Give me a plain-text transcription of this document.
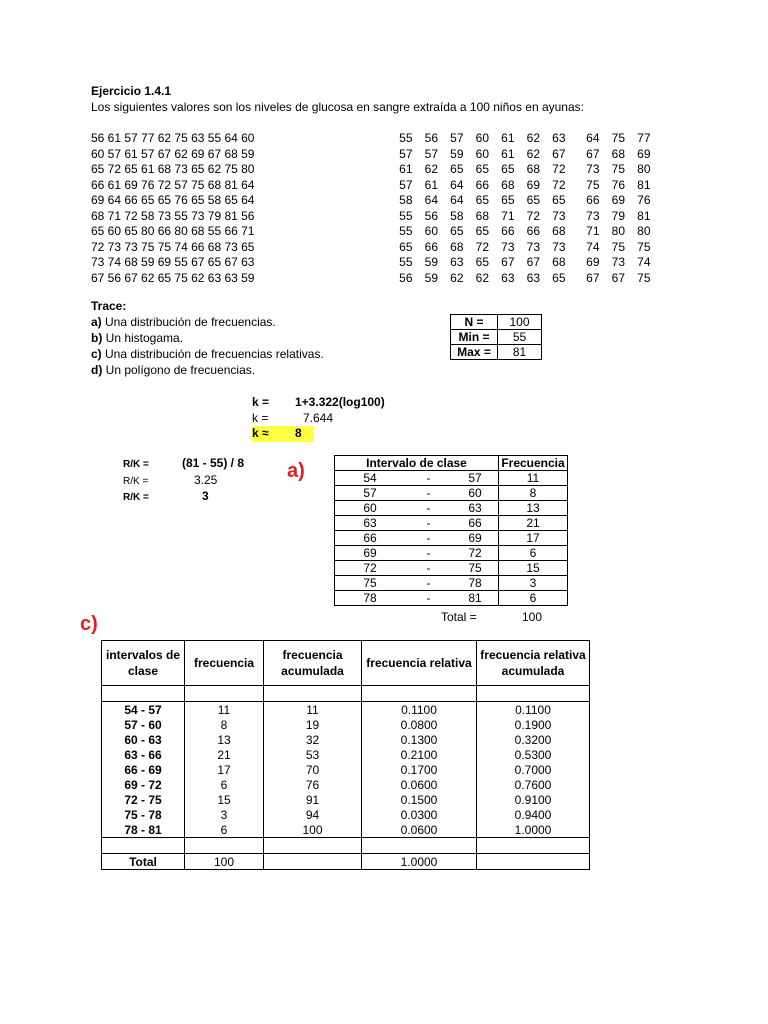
Ejercicio 1.4.1
Los siguientes valores son los niveles de glucosa en sangre extraída a 100 niños en ayunas:
56 61 57 77 62 75 63 55 64 60
60 57 61 57 67 62 69 67 68 59
65 72 65 61 68 73 65 62 75 80
66 61 69 76 72 57 75 68 81 64
69 64 66 65 65 76 65 58 65 64
68 71 72 58 73 55 73 79 81 56
65 60 65 80 66 80 68 55 66 71
72 73 73 75 75 74 66 68 73 65
73 74 68 59 69 55 67 65 67 63
67 56 67 62 65 75 62 63 63 59
55	56	57	60	61	62	63	64	75	77
57	57	59	60	61	62	67	67	68	69
61	62	65	65	65	68	72	73	75	80
57	61	64	66	68	69	72	75	76	81
58	64	64	65	65	65	65	66	69	76
55	56	58	68	71	72	73	73	79	81
55	60	65	65	66	66	68	71	80	80
65	66	68	72	73	73	73	74	75	75
55	59	63	65	67	67	68	69	73	74
56	59	62	62	63	63	65	67	67	75
Trace:
a) Una distribución de frecuencias.
b) Un histogama.
c) Una distribución de frecuencias relativas.
d) Un polígono de frecuencias.
N =	100
Min =	55
Max =	81
k = 1+3.322(log100)
k =	7.644
k ≈ 8
R/K =	(81 - 55) / 8
R/K =	3.25
R/K =	3
a)	Intervalo de clase			Frecuencia
54	-	57	11
57	-	60	8
60	-	63	13
63	-	66	21
66	-	69	17
69	-	72	6
72	-	75	15
75	-	78	3
78	-	81	6
Total =	100
c)
intervalos de clase	frecuencia	frecuencia acumulada	frecuencia relativa	frecuencia relativa acumulada

54 - 57	11	11	0.1100	0.1100
57 - 60	8	19	0.0800	0.1900
60 - 63	13	32	0.1300	0.3200
63 - 66	21	53	0.2100	0.5300
66 - 69	17	70	0.1700	0.7000
69 - 72	6	76	0.0600	0.7600
72 - 75	15	91	0.1500	0.9100
75 - 78	3	94	0.0300	0.9400
78 - 81	6	100	0.0600	1.0000

Total	100		1.0000	
